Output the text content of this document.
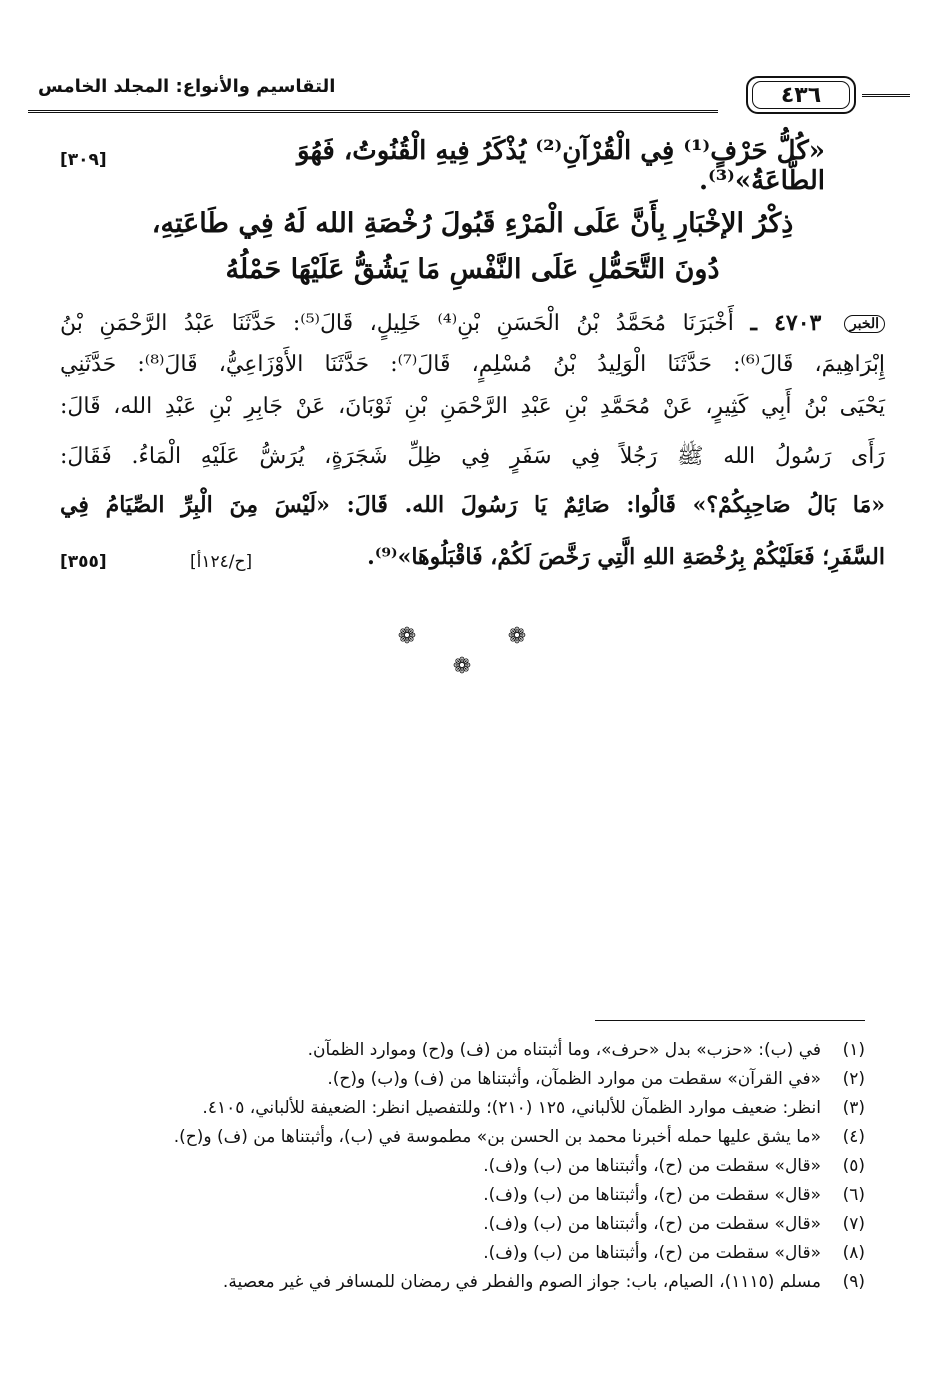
التقاسيم والأنواع: المجلد الخامس	٤٣٦
«كُلُّ حَرْفٍ⁽¹⁾ فِي الْقُرْآنِ⁽²⁾ يُذْكَرُ فِيهِ الْقُنُوتُ، فَهُوَ الطَّاعَةُ»⁽³⁾.
[٣٠٩]
ذِكْرُ الإخْبَارِ بِأَنَّ عَلَى الْمَرْءِ قَبُولَ رُخْصَةِ الله لَهُ فِي طَاعَتِهِ،
دُونَ التَّحَمُّلِ عَلَى النَّفْسِ مَا يَشُقُّ عَلَيْهَا حَمْلُهُ
الخبر ٤٧٠٣ ـ أَخْبَرَنَا مُحَمَّدُ بْنُ الْحَسَنِ بْنِ⁽⁴⁾ خَلِيلٍ، قَالَ⁽⁵⁾: حَدَّثَنَا عَبْدُ الرَّحْمَنِ بْنُ
إِبْرَاهِيمَ، قَالَ⁽⁶⁾: حَدَّثَنَا الْوَلِيدُ بْنُ مُسْلِمٍ، قَالَ⁽⁷⁾: حَدَّثَنَا الأَوْزَاعِيُّ، قَالَ⁽⁸⁾: حَدَّثَنِي
يَحْيَى بْنُ أَبِي كَثِيرٍ، عَنْ مُحَمَّدِ بْنِ عَبْدِ الرَّحْمَنِ بْنِ ثَوْبَانَ، عَنْ جَابِرِ بْنِ عَبْدِ الله، قَالَ:
رَأَى رَسُولُ الله ﷺ رَجُلاً فِي سَفَرٍ فِي ظِلِّ شَجَرَةٍ، يُرَشُّ عَلَيْهِ الْمَاءُ. فَقَالَ:
«مَا بَالُ صَاحِبِكُمْ؟» قَالُوا: صَائِمٌ يَا رَسُولَ الله. قَالَ: «لَيْسَ مِنَ الْبِرِّ الصِّيَامُ فِي
السَّفَرِ؛ فَعَلَيْكُمْ بِرُخْصَةِ اللهِ الَّتِي رَخَّصَ لَكُمْ، فَاقْبَلُوهَا»⁽⁹⁾.
[ح/١٢٤أ]
[٣٥٥]
❁	❁
❁
(١)في (ب): «حزب» بدل «حرف»، وما أثبتناه من (ف) و(ح) وموارد الظمآن.
(٢)«في القرآن» سقطت من موارد الظمآن، وأثبتناها من (ف) و(ب) و(ح).
(٣)انظر: ضعيف موارد الظمآن للألباني، ١٢٥ (٢١٠)؛ وللتفصيل انظر: الضعيفة للألباني، ٤١٠٥.
(٤)«ما يشق عليها حمله أخبرنا محمد بن الحسن بن» مطموسة في (ب)، وأثبتناها من (ف) و(ح).
(٥)«قال» سقطت من (ح)، وأثبتناها من (ب) و(ف).
(٦)«قال» سقطت من (ح)، وأثبتناها من (ب) و(ف).
(٧)«قال» سقطت من (ح)، وأثبتناها من (ب) و(ف).
(٨)«قال» سقطت من (ح)، وأثبتناها من (ب) و(ف).
(٩)مسلم (١١١٥)، الصيام، باب: جواز الصوم والفطر في رمضان للمسافر في غير معصية.
